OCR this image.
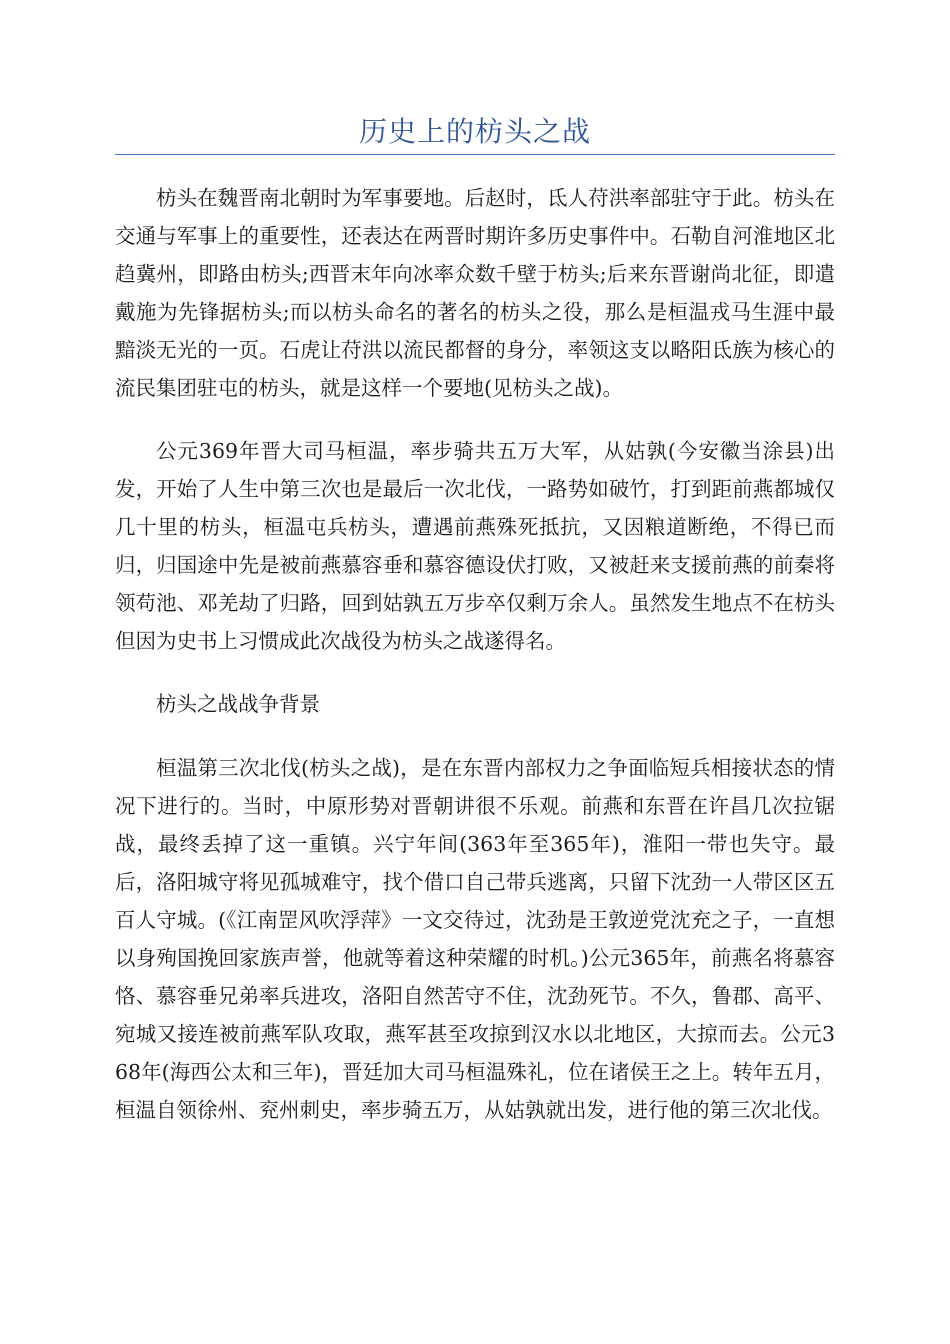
历史上的枋头之战

枋头在魏晋南北朝时为军事要地。后赵时，氐人苻洪率部驻守于此。枋头在交通与军事上的重要性，还表达在两晋时期许多历史事件中。石勒自河淮地区北趋冀州，即路由枋头;西晋末年向冰率众数千壁于枋头;后来东晋谢尚北征，即遣戴施为先锋据枋头;而以枋头命名的著名的枋头之役，那么是桓温戎马生涯中最黯淡无光的一页。石虎让苻洪以流民都督的身分，率领这支以略阳氐族为核心的流民集团驻屯的枋头，就是这样一个要地(见枋头之战)。

公元369年晋大司马桓温，率步骑共五万大军，从姑孰(今安徽当涂县)出发，开始了人生中第三次也是最后一次北伐，一路势如破竹，打到距前燕都城仅几十里的枋头，桓温屯兵枋头，遭遇前燕殊死抵抗，又因粮道断绝，不得已而归，归国途中先是被前燕慕容垂和慕容德设伏打败，又被赶来支援前燕的前秦将领苟池、邓羌劫了归路，回到姑孰五万步卒仅剩万余人。虽然发生地点不在枋头但因为史书上习惯成此次战役为枋头之战遂得名。

枋头之战战争背景

桓温第三次北伐(枋头之战)，是在东晋内部权力之争面临短兵相接状态的情况下进行的。当时，中原形势对晋朝讲很不乐观。前燕和东晋在许昌几次拉锯战，最终丢掉了这一重镇。兴宁年间(363年至365年)，淮阳一带也失守。最后，洛阳城守将见孤城难守，找个借口自己带兵逃离，只留下沈劲一人带区区五百人守城。(《江南罡风吹浮萍》一文交待过，沈劲是王敦逆党沈充之子，一直想以身殉国挽回家族声誉，他就等着这种荣耀的时机。)公元365年，前燕名将慕容恪、慕容垂兄弟率兵进攻，洛阳自然苦守不住，沈劲死节。不久，鲁郡、高平、宛城又接连被前燕军队攻取，燕军甚至攻掠到汉水以北地区，大掠而去。公元368年(海西公太和三年)，晋廷加大司马桓温殊礼，位在诸侯王之上。转年五月，桓温自领徐州、兖州刺史，率步骑五万，从姑孰就出发，进行他的第三次北伐。
